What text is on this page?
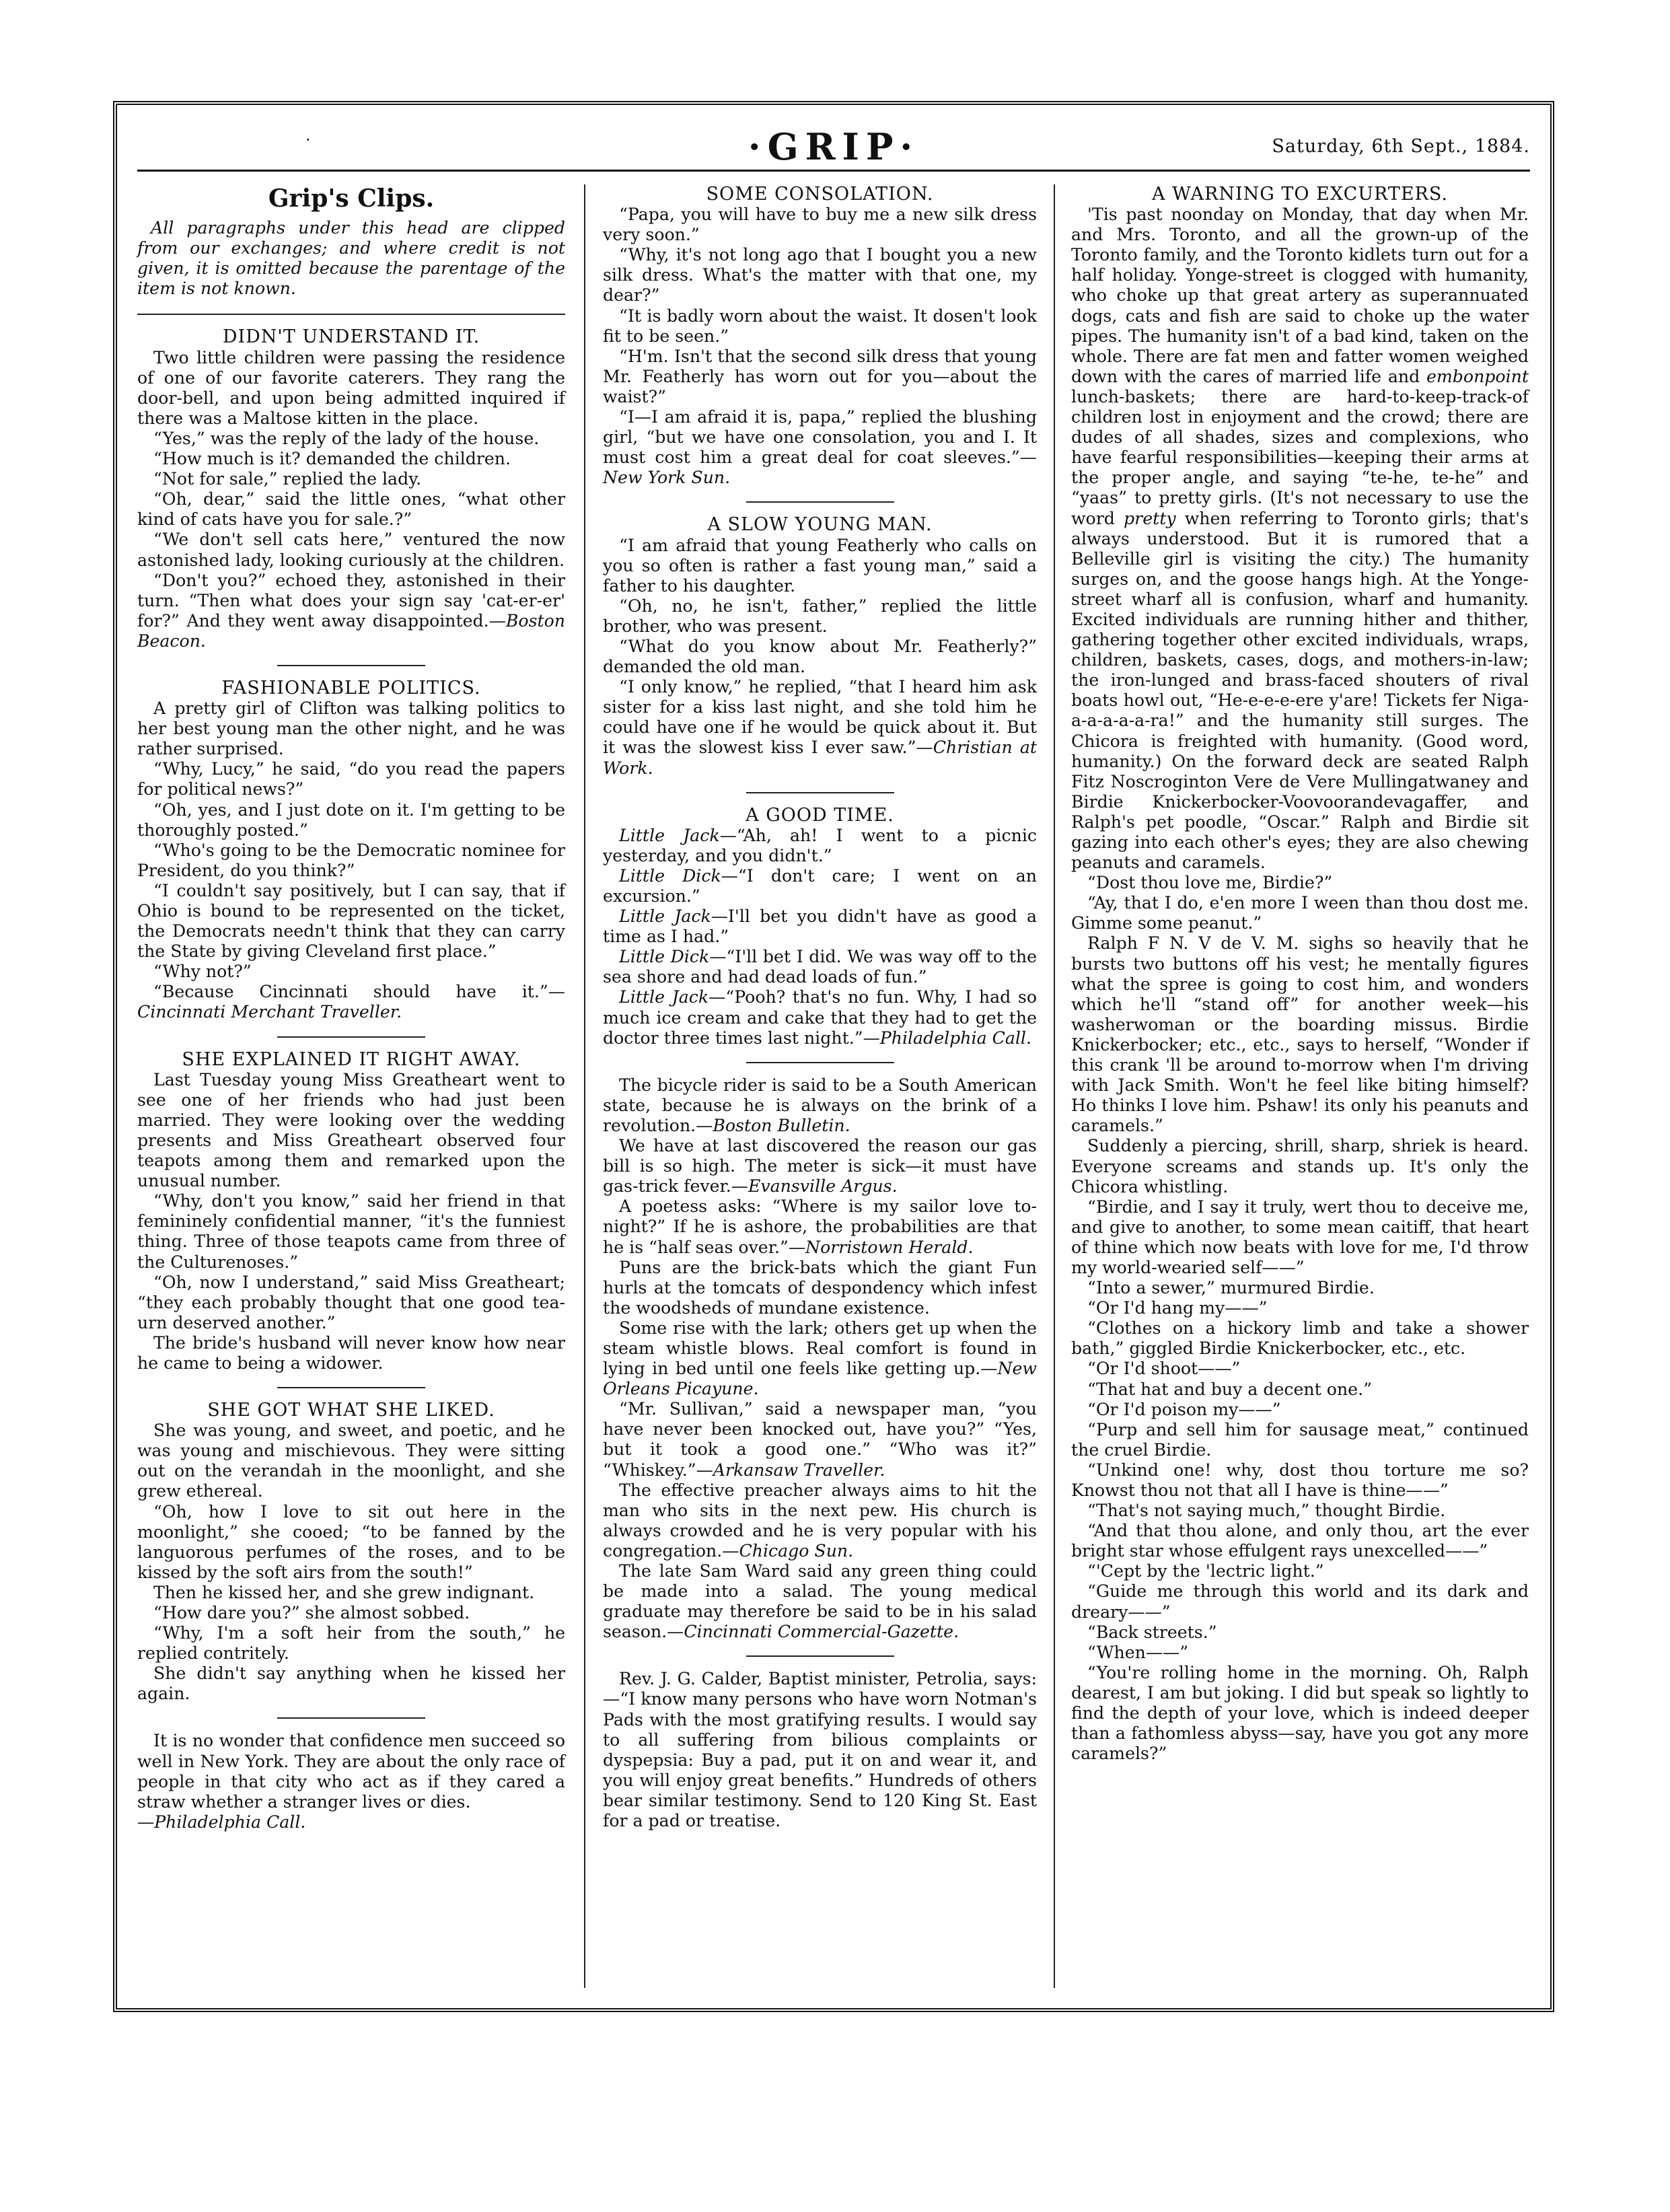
·	·GRIP·	Saturday, 6th Sept., 1884.
Grip's Clips.

All paragraphs under this head are clipped from our exchanges; and where credit is not given, it is omitted because the parentage of the item is not known.

DIDN'T UNDERSTAND IT.

Two little children were passing the residence of one of our favorite caterers. They rang the door-bell, and upon being admitted inquired if there was a Maltose kitten in the place.

“Yes,” was the reply of the lady of the house.

“How much is it? demanded the children.

“Not for sale,” replied the lady.

“Oh, dear,” said the little ones, “what other kind of cats have you for sale.?”

“We don't sell cats here,” ventured the now astonished lady, looking curiously at the children.

“Don't you?” echoed they, astonished in their turn. “Then what does your sign say 'cat-er-er' for?” And they went away disappointed.—Boston Beacon.

FASHIONABLE POLITICS.

A pretty girl of Clifton was talking politics to her best young man the other night, and he was rather surprised.

“Why, Lucy,” he said, “do you read the papers for political news?”

“Oh, yes, and I just dote on it. I'm getting to be thoroughly posted.”

“Who's going to be the Democratic nominee for President, do you think?”

“I couldn't say positively, but I can say, that if Ohio is bound to be represented on the ticket, the Democrats needn't think that they can carry the State by giving Cleveland first place.”

“Why not?”

“Because Cincinnati should have it.”—Cincinnati Merchant Traveller.

SHE EXPLAINED IT RIGHT AWAY.

Last Tuesday young Miss Greatheart went to see one of her friends who had just been married. They were looking over the wedding presents and Miss Greatheart observed four teapots among them and remarked upon the unusual number.

“Why, don't you know,” said her friend in that femininely confidential manner, “it's the funniest thing. Three of those teapots came from three of the Culturenoses.”

“Oh, now I understand,” said Miss Greatheart; “they each probably thought that one good tea-urn deserved another.”

The bride's husband will never know how near he came to being a widower.

SHE GOT WHAT SHE LIKED.

She was young, and sweet, and poetic, and he was young and mischievous. They were sitting out on the verandah in the moonlight, and she grew ethereal.

“Oh, how I love to sit out here in the moonlight,” she cooed; “to be fanned by the languorous perfumes of the roses, and to be kissed by the soft airs from the south!”

Then he kissed her, and she grew indignant.

“How dare you?” she almost sobbed.

“Why, I'm a soft heir from the south,” he replied contritely.

She didn't say anything when he kissed her again.

It is no wonder that confidence men succeed so well in New York. They are about the only race of people in that city who act as if they cared a straw whether a stranger lives or dies.

—Philadelphia Call.

SOME CONSOLATION.

“Papa, you will have to buy me a new silk dress very soon.”

“Why, it's not long ago that I bought you a new silk dress. What's the matter with that one, my dear?”

“It is badly worn about the waist. It dosen't look fit to be seen.”

“H'm. Isn't that the second silk dress that young Mr. Featherly has worn out for you—about the waist?”

“I—I am afraid it is, papa,” replied the blushing girl, “but we have one consolation, you and I. It must cost him a great deal for coat sleeves.”—New York Sun.

A SLOW YOUNG MAN.

“I am afraid that young Featherly who calls on you so often is rather a fast young man,” said a father to his daughter.

“Oh, no, he isn't, father,” replied the little brother, who was present.

“What do you know about Mr. Featherly?” demanded the old man.

“I only know,” he replied, “that I heard him ask sister for a kiss last night, and she told him he could have one if he would be quick about it. But it was the slowest kiss I ever saw.”—Christian at Work.

A GOOD TIME.

Little Jack—“Ah, ah! I went to a picnic yesterday, and you didn't.”

Little Dick—“I don't care; I went on an excursion.”

Little Jack—I'll bet you didn't have as good a time as I had.”

Little Dick—“I'll bet I did. We was way off to the sea shore and had dead loads of fun.”

Little Jack—“Pooh? that's no fun. Why, I had so much ice cream and cake that they had to get the doctor three times last night.”—Philadelphia Call.

The bicycle rider is said to be a South American state, because he is always on the brink of a revolution.—Boston Bulletin.

We have at last discovered the reason our gas bill is so high. The meter is sick—it must have gas-trick fever.—Evansville Argus.

A poetess asks: “Where is my sailor love to-night?” If he is ashore, the probabilities are that he is “half seas over.”—Norristown Herald.

Puns are the brick-bats which the giant Fun hurls at the tomcats of despondency which infest the woodsheds of mundane existence.

Some rise with the lark; others get up when the steam whistle blows. Real comfort is found in lying in bed until one feels like getting up.—New Orleans Picayune.

“Mr. Sullivan,” said a newspaper man, “you have never been knocked out, have you?” “Yes, but it took a good one.” “Who was it?” “Whiskey.”—Arkansaw Traveller.

The effective preacher always aims to hit the man who sits in the next pew. His church is always crowded and he is very popular with his congregation.—Chicago Sun.

The late Sam Ward said any green thing could be made into a salad. The young medical graduate may therefore be said to be in his salad season.—Cincinnati Commercial-Gazette.

Rev. J. G. Calder, Baptist minister, Petrolia, says:—“I know many persons who have worn Notman's Pads with the most gratifying results. I would say to all suffering from bilious complaints or dyspepsia: Buy a pad, put it on and wear it, and you will enjoy great benefits.” Hundreds of others bear similar testimony. Send to 120 King St. East for a pad or treatise.

A WARNING TO EXCURTERS.

'Tis past noonday on Monday, that day when Mr. and Mrs. Toronto, and all the grown-up of the Toronto family, and the Toronto kidlets turn out for a half holiday. Yonge-street is clogged with humanity, who choke up that great artery as superannuated dogs, cats and fish are said to choke up the water pipes. The humanity isn't of a bad kind, taken on the whole. There are fat men and fatter women weighed down with the cares of married life and embonpoint lunch-baskets; there are hard-to-keep-track-of children lost in enjoyment and the crowd; there are dudes of all shades, sizes and complexions, who have fearful responsibilities—keeping their arms at the proper angle, and saying “te-he, te-he” and “yaas” to pretty girls. (It's not necessary to use the word pretty when referring to Toronto girls; that's always understood. But it is rumored that a Belleville girl is visiting the city.) The humanity surges on, and the goose hangs high. At the Yonge-street wharf all is confusion, wharf and humanity. Excited individuals are running hither and thither, gathering together other excited individuals, wraps, children, baskets, cases, dogs, and mothers-in-law; the iron-lunged and brass-faced shouters of rival boats howl out, “He-e-e-e-ere y'are! Tickets fer Niga-a-a-a-a-a-ra!” and the humanity still surges. The Chicora is freighted with humanity. (Good word, humanity.) On the forward deck are seated Ralph Fitz Noscroginton Vere de Vere Mullingatwaney and Birdie Knickerbocker-Voovoorandevagaffer, and Ralph's pet poodle, “Oscar.” Ralph and Birdie sit gazing into each other's eyes; they are also chewing peanuts and caramels.

“Dost thou love me, Birdie?”

“Ay, that I do, e'en more I ween than thou dost me. Gimme some peanut.”

Ralph F N. V de V. M. sighs so heavily that he bursts two buttons off his vest; he mentally figures what the spree is going to cost him, and wonders which he'll “stand off” for another week—his washerwoman or the boarding missus. Birdie Knickerbocker; etc., etc., says to herself, “Wonder if this crank 'll be around to-morrow when I'm driving with Jack Smith. Won't he feel like biting himself? Ho thinks I love him. Pshaw! its only his peanuts and caramels.”

Suddenly a piercing, shrill, sharp, shriek is heard. Everyone screams and stands up. It's only the Chicora whistling.

“Birdie, and I say it truly, wert thou to deceive me, and give to another, to some mean caitiff, that heart of thine which now beats with love for me, I'd throw my world-wearied self——”

“Into a sewer,” murmured Birdie.

“Or I'd hang my——”

“Clothes on a hickory limb and take a shower bath,” giggled Birdie Knickerbocker, etc., etc.

“Or I'd shoot——”

“That hat and buy a decent one.”

“Or I'd poison my——”

“Purp and sell him for sausage meat,” continued the cruel Birdie.

“Unkind one! why, dost thou torture me so? Knowst thou not that all I have is thine——”

“That's not saying much,” thought Birdie.

“And that thou alone, and only thou, art the ever bright star whose effulgent rays unexcelled——”

“'Cept by the 'lectric light.”

“Guide me through this world and its dark and dreary——”

“Back streets.”

“When——”

“You're rolling home in the morning. Oh, Ralph dearest, I am but joking. I did but speak so lightly to find the depth of your love, which is indeed deeper than a fathomless abyss—say, have you got any more caramels?”
